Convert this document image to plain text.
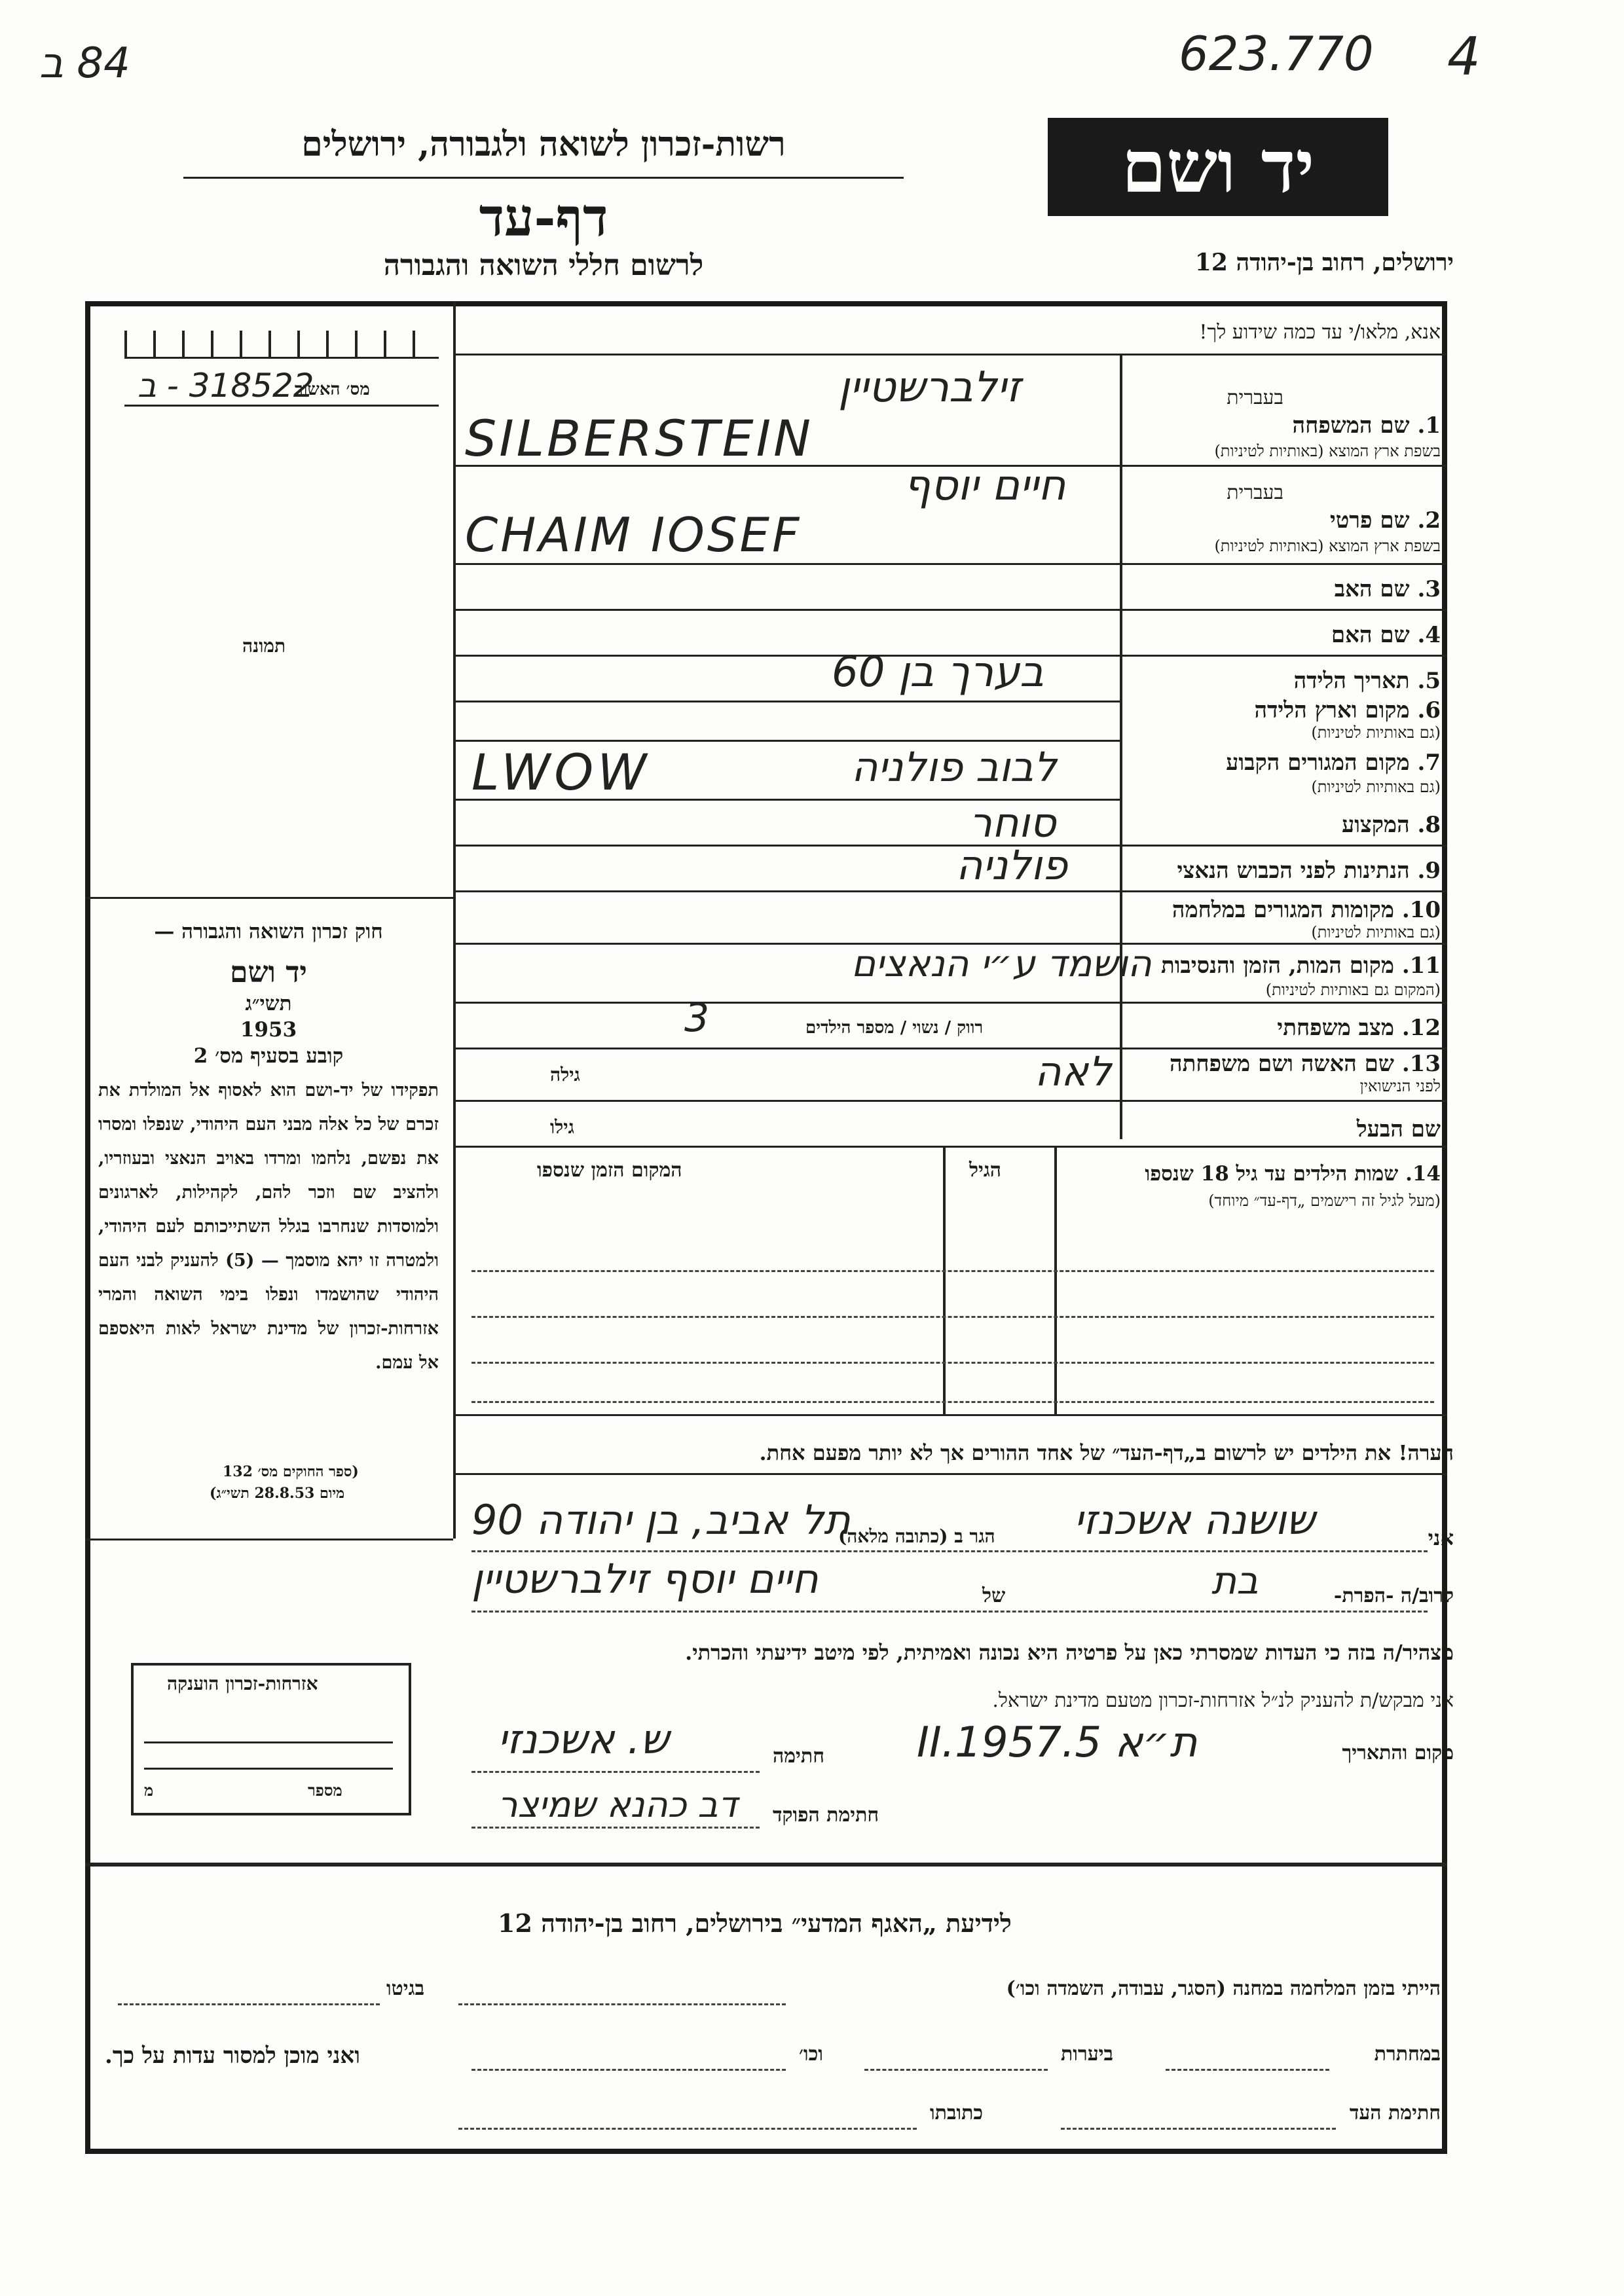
84 ב	623.770 4
רשות-זכרון לשואה ולגבורה, ירושלים
דף-עד
לרשום חללי השואה והגבורה
יד ושם
ירושלים, רחוב בן-יהודה 12
מס׳ האשור
318522 - ב
תמונה
חוק זכרון השואה והגבורה —
יד ושם
תשי״ג
1953
קובע בסעיף מס׳ 2
תפקידו של יד-ושם הוא לאסוף אל המולדת את זכרם של כל אלה מבני העם היהודי, שנפלו ומסרו את נפשם, נלחמו ומרדו באויב הנאצי ובעוזריו, ולהציב שם וזכר להם, לקהילות, לארגונים ולמוסדות שנחרבו בגלל השתייכותם לעם היהודי, ולמטרה זו יהא מוסמך — (5) להעניק לבני העם היהודי שהושמדו ונפלו בימי השואה והמרי אזרחות-זכרון של מדינת ישראל לאות היאספם אל עמם.
(ספר החוקים מס׳ 132
מיום 28.8.53 תשי״ג)
אנא, מלאו/י עד כמה שידוע לך!
1. שם המשפחה
בשפת ארץ המוצא (באותיות לטיניות)
בעברית
זילברשטיין
SILBERSTEIN
2. שם פרטי
בשפת ארץ המוצא (באותיות לטיניות)
בעברית
חיים יוסף
CHAIM IOSEF
3. שם האב
4. שם האם
5. תאריך הלידה
בערך בן 60
6. מקום וארץ הלידה
(גם באותיות לטיניות)
7. מקום המגורים הקבוע
(גם באותיות לטיניות)
לבוב פולניה
LWOW
8. המקצוע
סוחר
9. הנתינות לפני הכבוש הנאצי
פולניה
10. מקומות המגורים במלחמה
(גם באותיות לטיניות)
11. מקום המות, הזמן והנסיבות
(המקום גם באותיות לטיניות)
הושמד ע״י הנאצים
12. מצב משפחתי
רווק / נשוי / מספר הילדים
3
13. שם האשה ושם משפחתה
לפני הנישואין
לאה
גילה
שם הבעל
גילו
14. שמות הילדים עד גיל 18 שנספו
(מעל לגיל זה רישמים „דף-עד״ מיוחד)
הגיל
המקום הזמן שנספו
הערה! את הילדים יש לרשום ב„דף-העד״ של אחד ההורים אך לא יותר מפעם אחת.
אני
שושנה אשכנזי
הגר ב (כתובה מלאה)
תל אביב, בן יהודה 90
קרוב/ה -הפרת-
בת
של
חיים יוסף זילברשטיין
מצהיר/ה בזה כי העדות שמסרתי כאן על פרטיה היא נכונה ואמיתית, לפי מיטב ידיעתי והכרתי.
אני מבקש/ת להעניק לנ״ל אזרחות-זכרון מטעם מדינת ישראל.
מקום והתאריך
ת״א 5.II.1957
חתימה
ש. אשכנזי
חתימת הפוקד
דב כהנא שמיצר
אזרחות-זכרון הוענקה
מספר
מ
לידיעת „האגף המדעי״ בירושלים, רחוב בן-יהודה 12
הייתי בזמן המלחמה במחנה (הסגר, עבודה, השמדה וכו׳)
בגיטו
במחתרת
ביערות
וכו׳
ואני מוכן למסור עדות על כך.
חתימת העד
כתובתו
